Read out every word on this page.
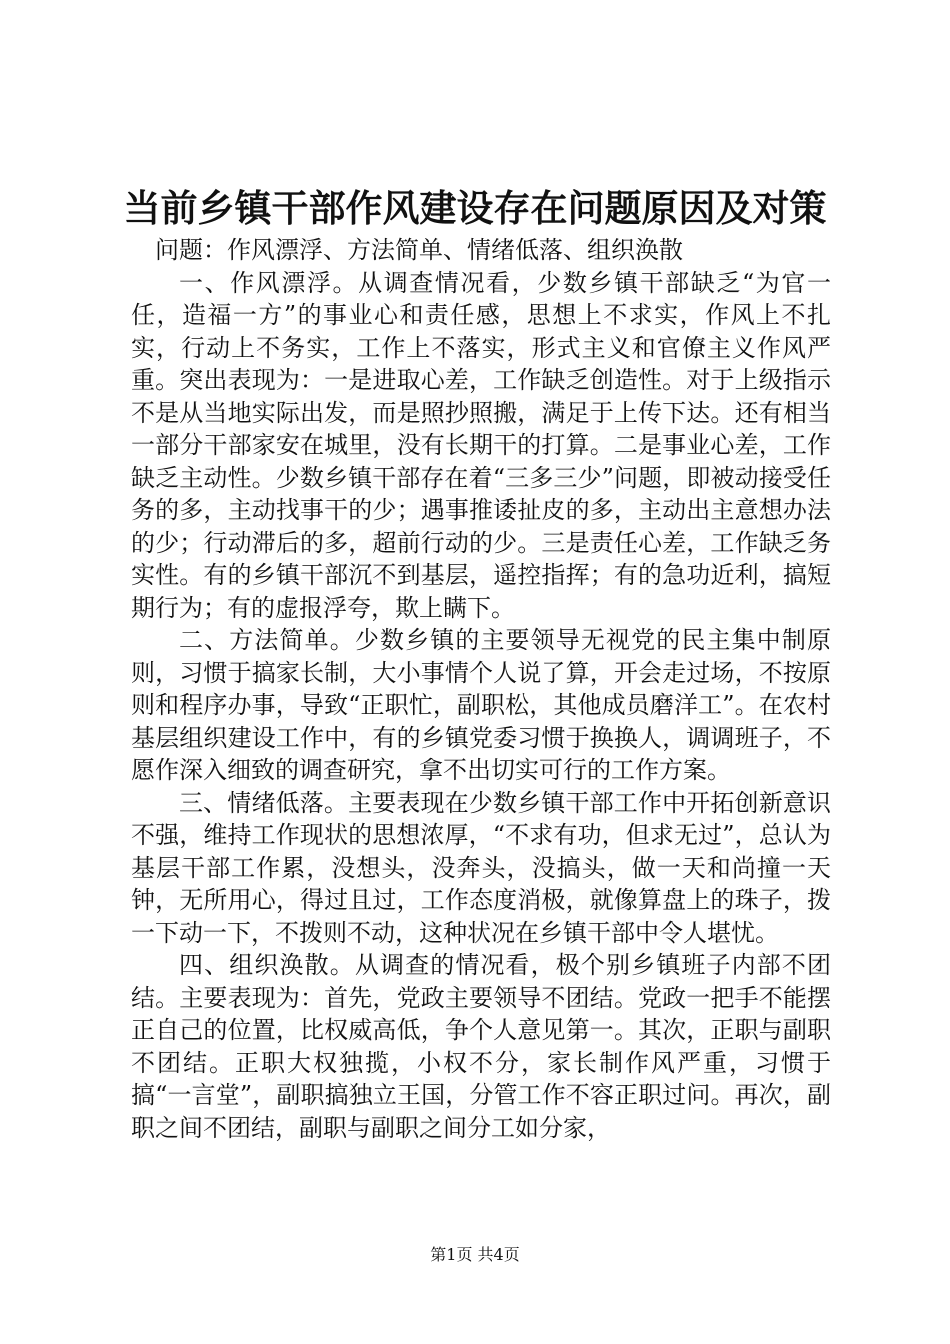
当前乡镇干部作风建设存在问题原因及对策

问题：作风漂浮、方法简单、情绪低落、组织涣散

一、作风漂浮。从调查情况看，少数乡镇干部缺乏“为官一任，造福一方”的事业心和责任感，思想上不求实，作风上不扎实，行动上不务实，工作上不落实，形式主义和官僚主义作风严重。突出表现为：一是进取心差，工作缺乏创造性。对于上级指示不是从当地实际出发，而是照抄照搬，满足于上传下达。还有相当一部分干部家安在城里，没有长期干的打算。二是事业心差，工作缺乏主动性。少数乡镇干部存在着“三多三少”问题，即被动接受任务的多，主动找事干的少；遇事推诿扯皮的多，主动出主意想办法的少；行动滞后的多，超前行动的少。三是责任心差，工作缺乏务实性。有的乡镇干部沉不到基层，遥控指挥；有的急功近利，搞短期行为；有的虚报浮夸，欺上瞒下。

二、方法简单。少数乡镇的主要领导无视党的民主集中制原则，习惯于搞家长制，大小事情个人说了算，开会走过场，不按原则和程序办事，导致“正职忙，副职松，其他成员磨洋工”。在农村基层组织建设工作中，有的乡镇党委习惯于换换人，调调班子，不愿作深入细致的调查研究，拿不出切实可行的工作方案。

三、情绪低落。主要表现在少数乡镇干部工作中开拓创新意识不强，维持工作现状的思想浓厚，“不求有功，但求无过”，总认为基层干部工作累，没想头，没奔头，没搞头，做一天和尚撞一天钟，无所用心，得过且过，工作态度消极，就像算盘上的珠子，拨一下动一下，不拨则不动，这种状况在乡镇干部中令人堪忧。

四、组织涣散。从调查的情况看，极个别乡镇班子内部不团结。主要表现为：首先，党政主要领导不团结。党政一把手不能摆正自己的位置，比权威高低，争个人意见第一。其次，正职与副职不团结。正职大权独揽，小权不分，家长制作风严重，习惯于搞“一言堂”，副职搞独立王国，分管工作不容正职过问。再次，副职之间不团结，副职与副职之间分工如分家，

第1页 共4页
